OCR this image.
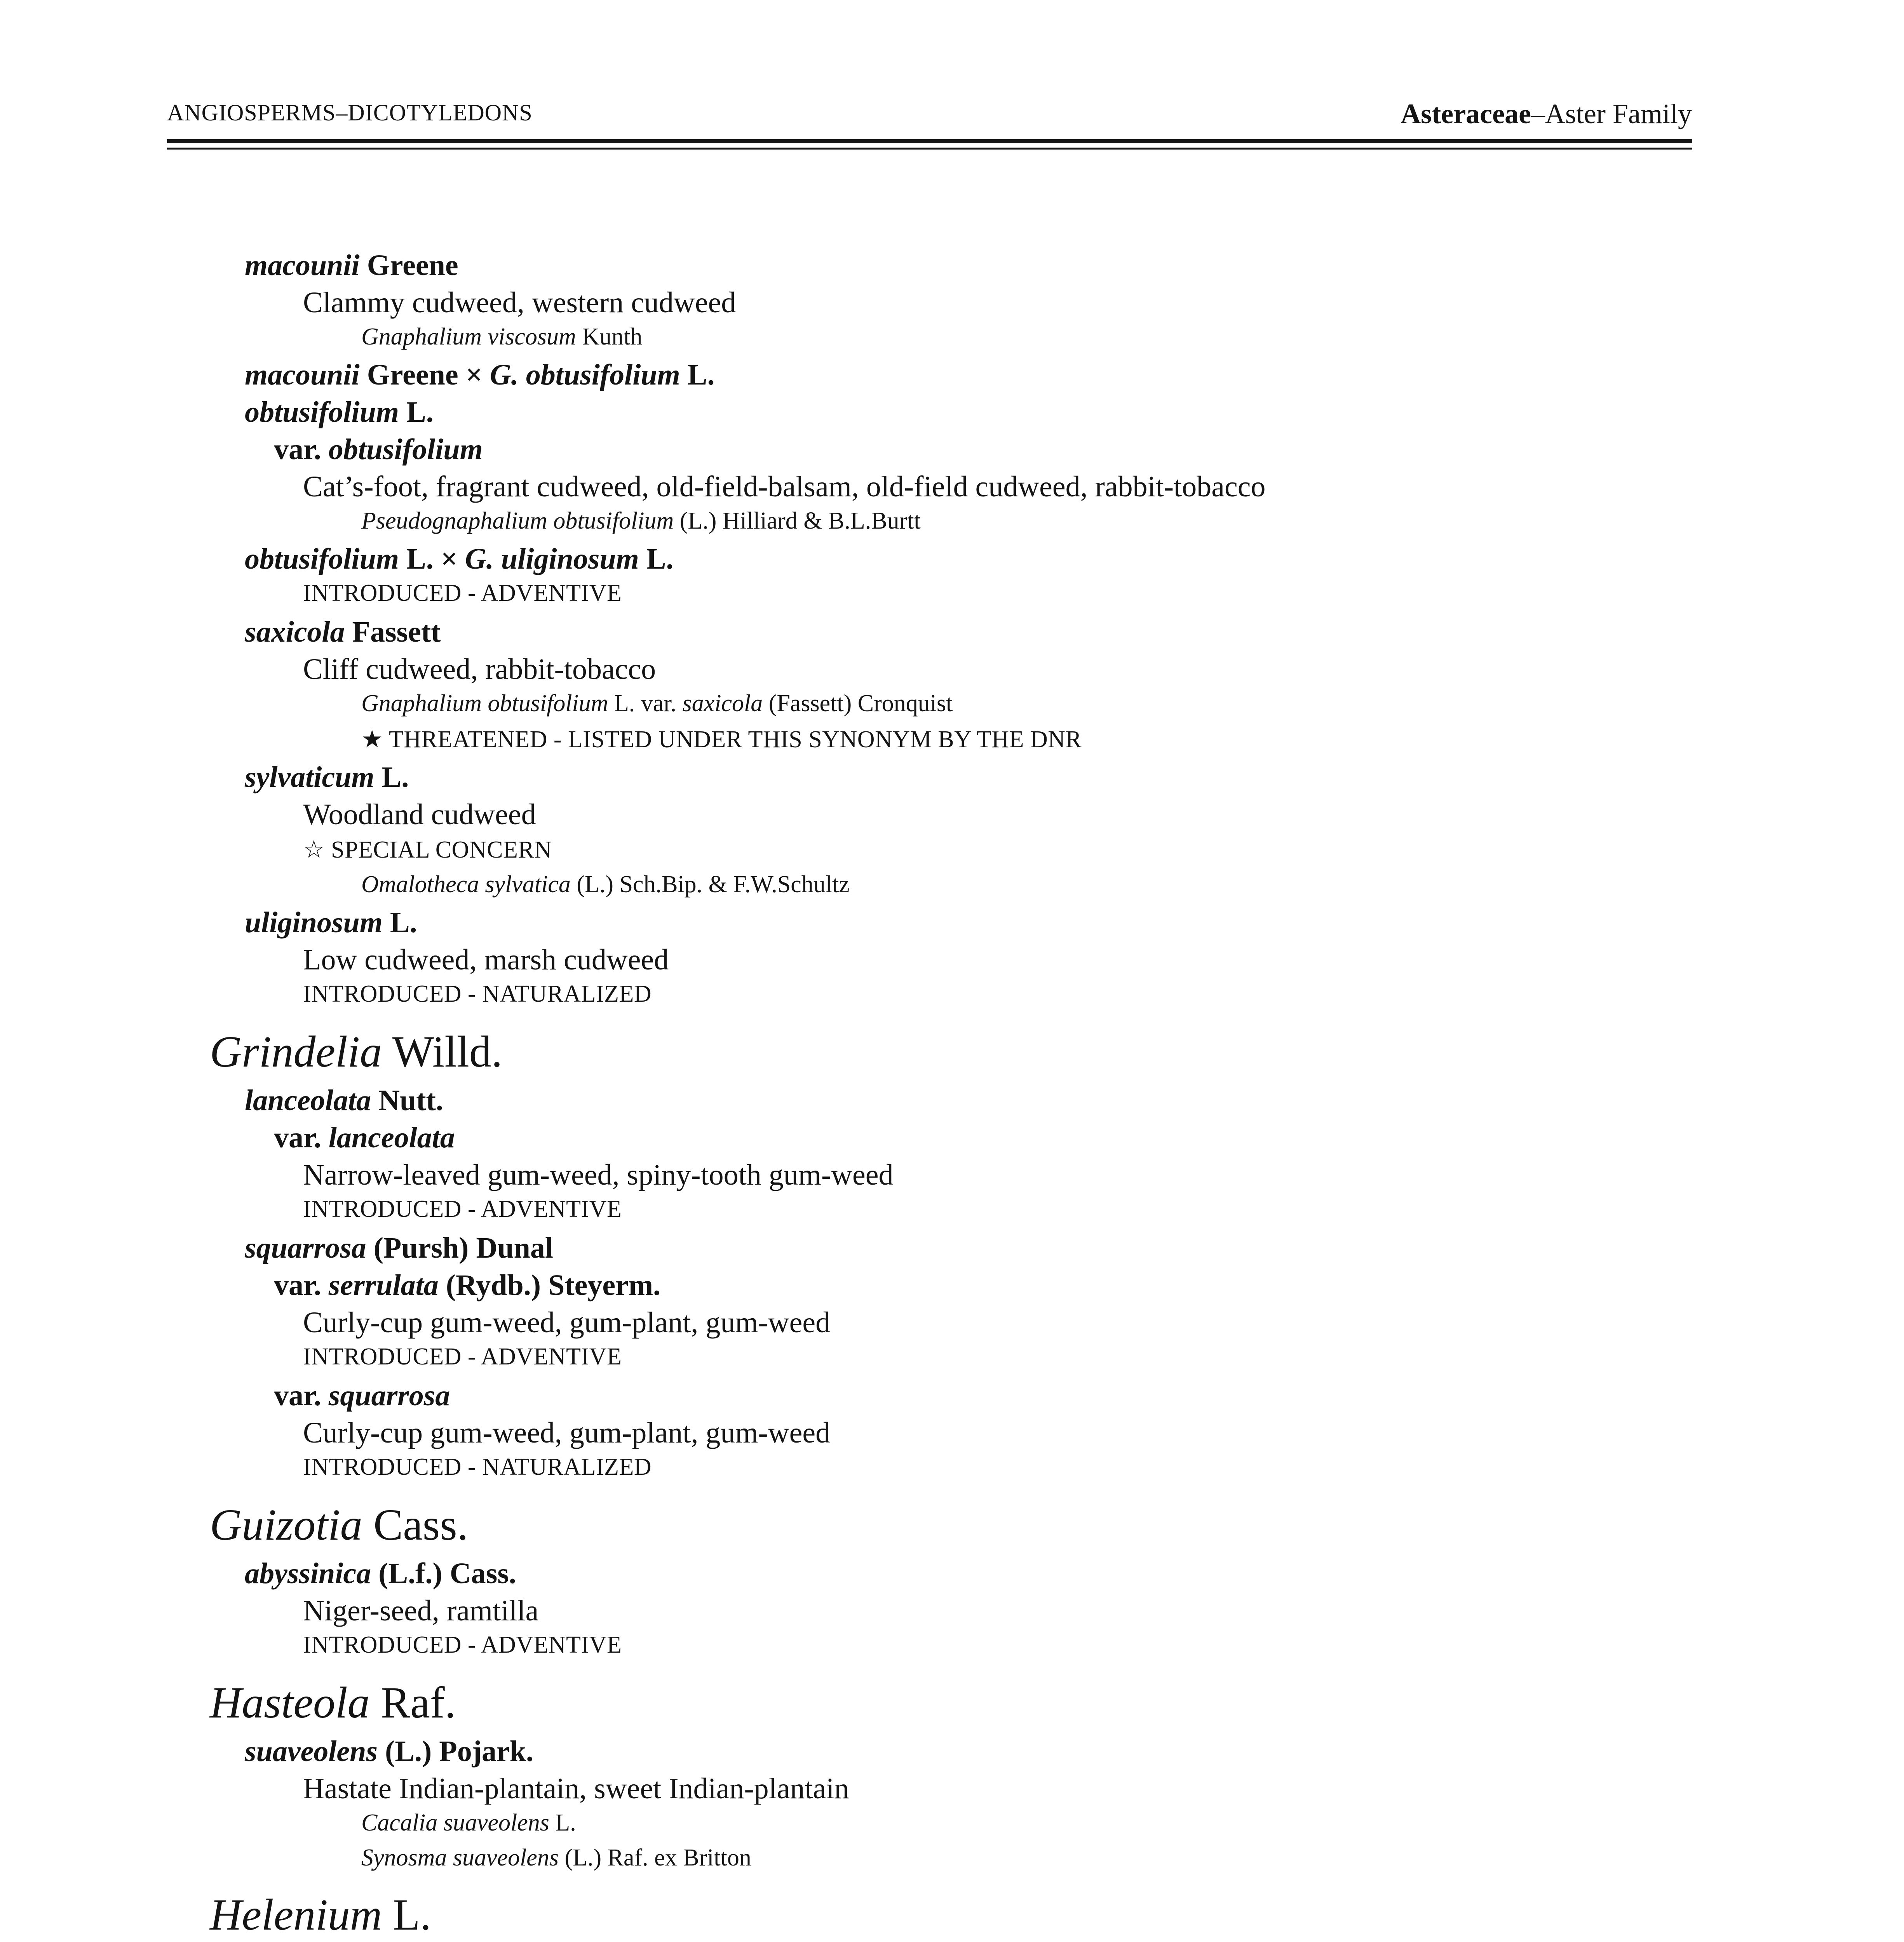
ANGIOSPERMS–DICOTYLEDONS	Asteraceae–Aster Family
macounii Greene
Clammy cudweed, western cudweed
Gnaphalium viscosum Kunth
macounii Greene × G. obtusifolium L.
obtusifolium L.
var. obtusifolium
Cat’s-foot, fragrant cudweed, old-field-balsam, old-field cudweed, rabbit-tobacco
Pseudognaphalium obtusifolium (L.) Hilliard & B.L.Burtt
obtusifolium L. × G. uliginosum L.
INTRODUCED - ADVENTIVE
saxicola Fassett
Cliff cudweed, rabbit-tobacco
Gnaphalium obtusifolium L. var. saxicola (Fassett) Cronquist
★ THREATENED - LISTED UNDER THIS SYNONYM BY THE DNR
sylvaticum L.
Woodland cudweed
☆ SPECIAL CONCERN
Omalotheca sylvatica (L.) Sch.Bip. & F.W.Schultz
uliginosum L.
Low cudweed, marsh cudweed
INTRODUCED - NATURALIZED
Grindelia Willd.
lanceolata Nutt.
var. lanceolata
Narrow-leaved gum-weed, spiny-tooth gum-weed
INTRODUCED - ADVENTIVE
squarrosa (Pursh) Dunal
var. serrulata (Rydb.) Steyerm.
Curly-cup gum-weed, gum-plant, gum-weed
INTRODUCED - ADVENTIVE
var. squarrosa
Curly-cup gum-weed, gum-plant, gum-weed
INTRODUCED - NATURALIZED
Guizotia Cass.
abyssinica (L.f.) Cass.
Niger-seed, ramtilla
INTRODUCED - ADVENTIVE
Hasteola Raf.
suaveolens (L.) Pojark.
Hastate Indian-plantain, sweet Indian-plantain
Cacalia suaveolens L.
Synosma suaveolens (L.) Raf. ex Britton
Helenium L.
